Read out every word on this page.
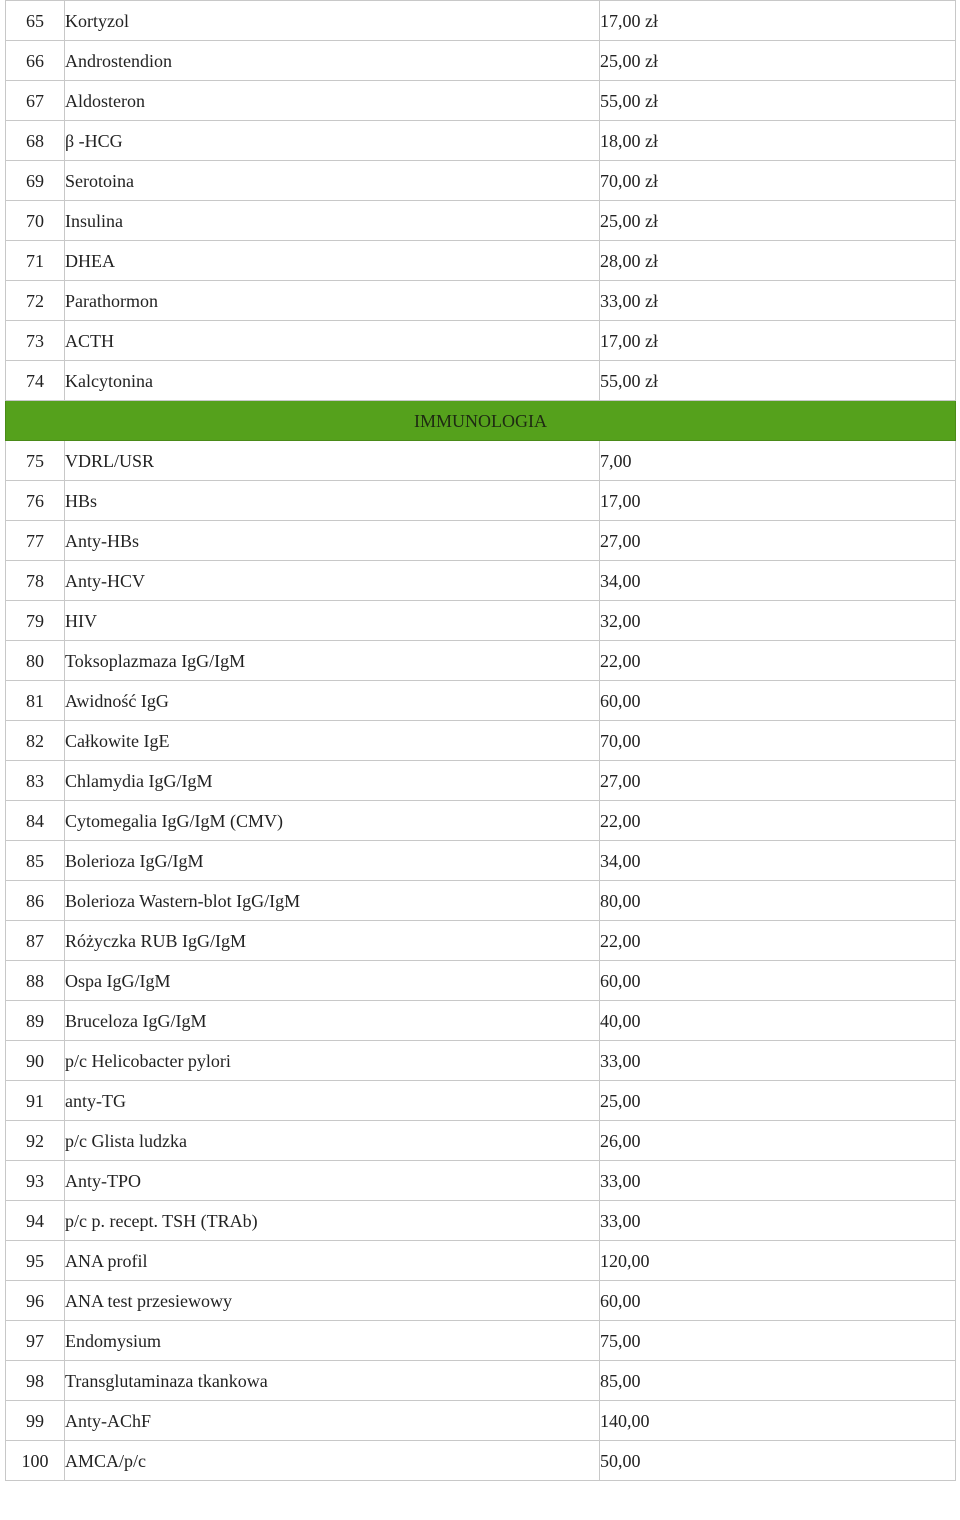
65	Kortyzol	17,00 zł
66	Androstendion	25,00 zł
67	Aldosteron	55,00 zł
68	β -HCG	18,00 zł
69	Serotoina	70,00 zł
70	Insulina	25,00 zł
71	DHEA	28,00 zł
72	Parathormon	33,00 zł
73	ACTH	17,00 zł
74	Kalcytonina	55,00 zł
IMMUNOLOGIA		
75	VDRL/USR	7,00
76	HBs	17,00
77	Anty-HBs	27,00
78	Anty-HCV	34,00
79	HIV	32,00
80	Toksoplazmaza IgG/IgM	22,00
81	Awidność IgG	60,00
82	Całkowite IgE	70,00
83	Chlamydia IgG/IgM	27,00
84	Cytomegalia IgG/IgM (CMV)	22,00
85	Bolerioza IgG/IgM	34,00
86	Bolerioza Wastern-blot IgG/IgM	80,00
87	Różyczka RUB IgG/IgM	22,00
88	Ospa IgG/IgM	60,00
89	Bruceloza IgG/IgM	40,00
90	p/c Helicobacter pylori	33,00
91	anty-TG	25,00
92	p/c Glista ludzka	26,00
93	Anty-TPO	33,00
94	p/c p. recept. TSH (TRAb)	33,00
95	ANA profil	120,00
96	ANA test przesiewowy	60,00
97	Endomysium	75,00
98	Transglutaminaza tkankowa	85,00
99	Anty-AChF	140,00
100	AMCA/p/c	50,00
